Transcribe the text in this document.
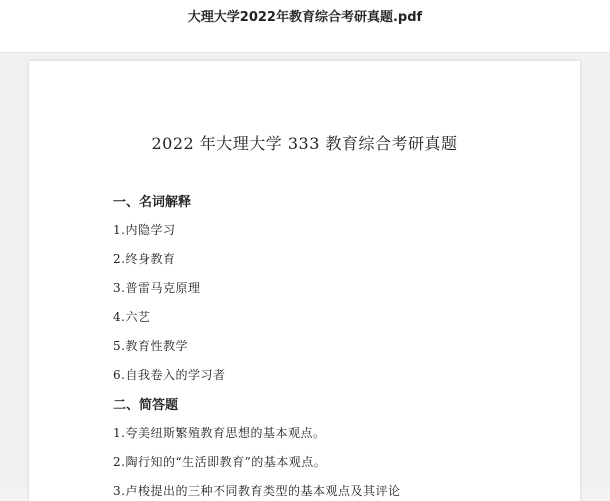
大理大学2022年教育综合考研真题.pdf
2022 年大理大学 333 教育综合考研真题
一、名词解释
1.内隐学习
2.终身教育
3.普雷马克原理
4.六艺
5.教育性教学
6.自我卷入的学习者
二、简答题
1.夸美纽斯繁殖教育思想的基本观点。
2.陶行知的“生活即教育”的基本观点。
3.卢梭提出的三种不同教育类型的基本观点及其评论
